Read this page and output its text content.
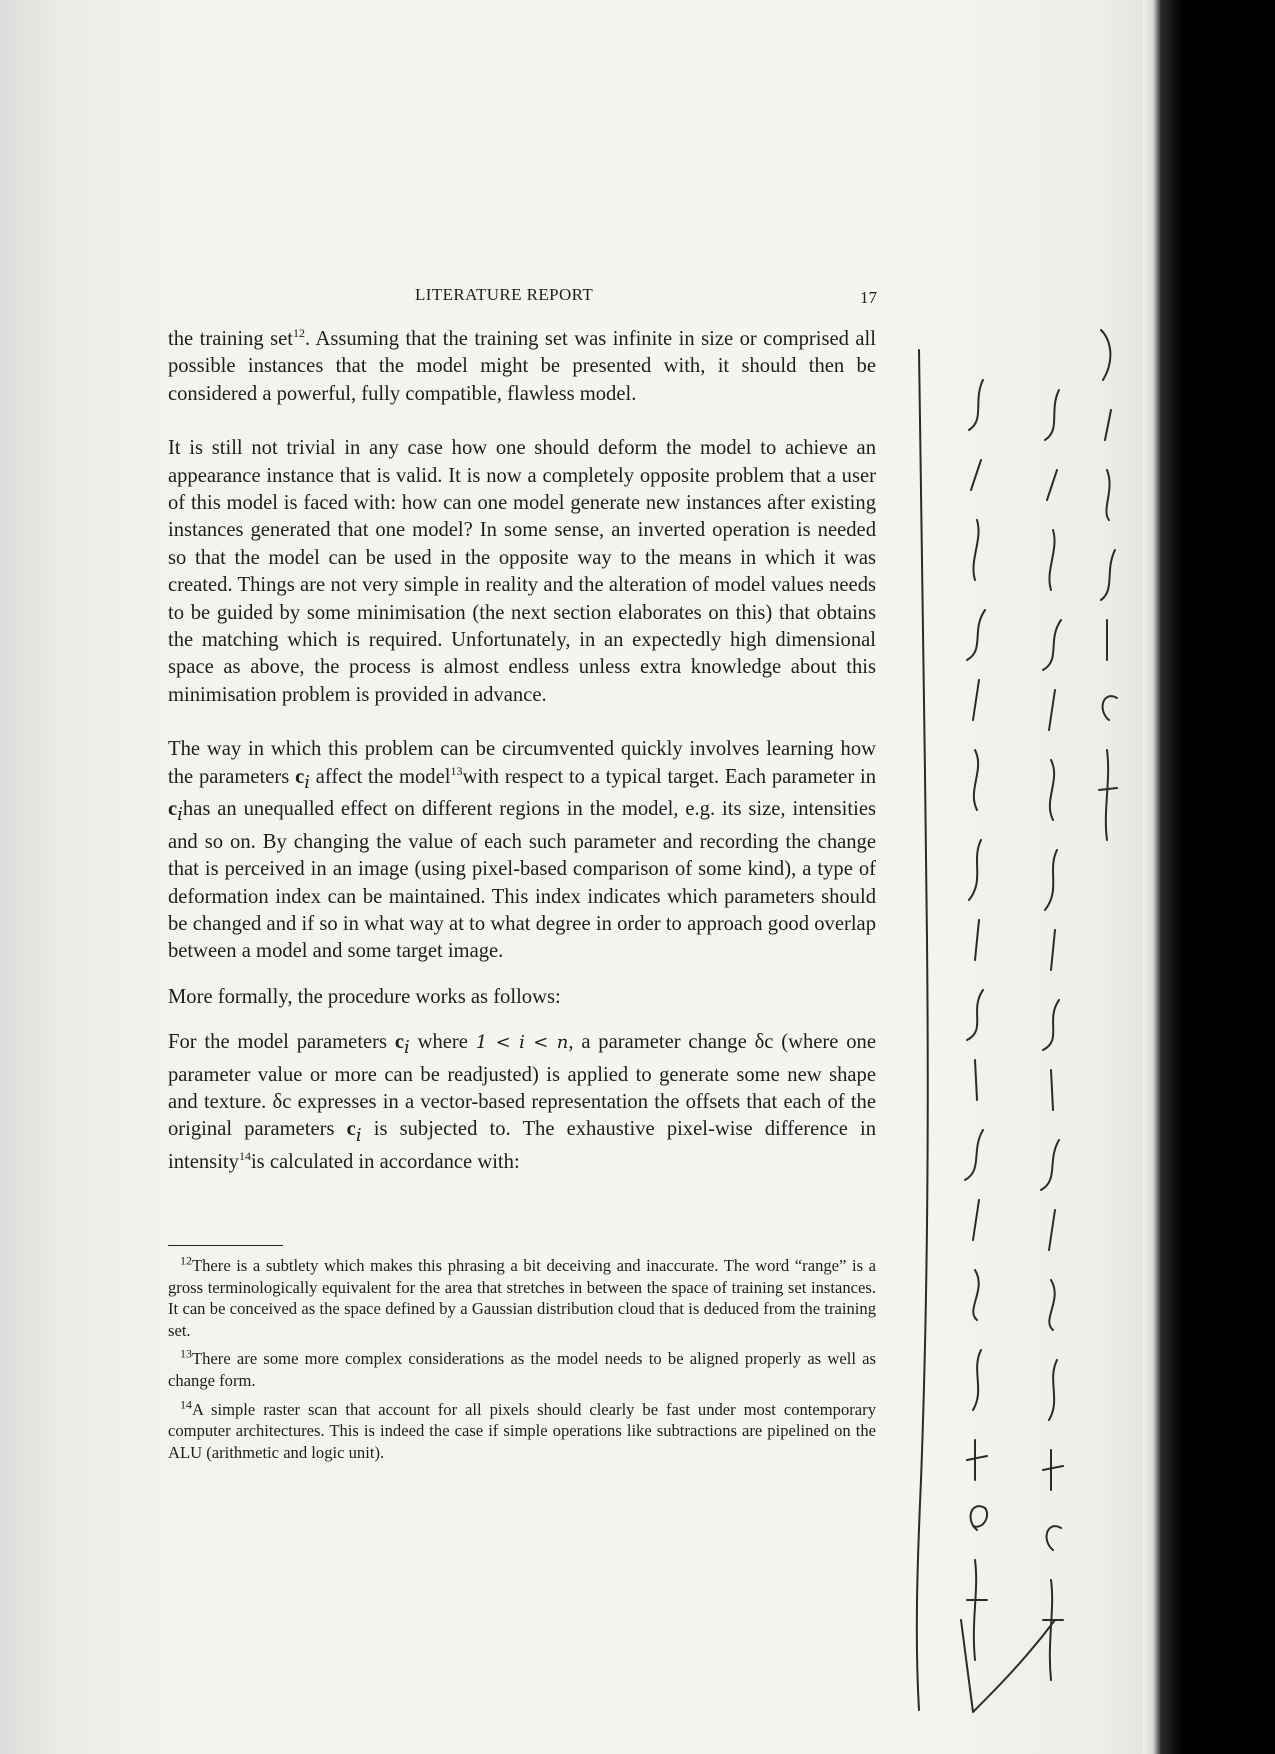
LITERATURE REPORT	17

the training set$^{12}$. Assuming that the training set was infinite in size or comprised all possible instances that the model might be presented with, it should then be considered a powerful, fully compatible, flawless model.

It is still not trivial in any case how one should deform the model to achieve an appearance instance that is valid. It is now a completely opposite problem that a user of this model is faced with: how can one model generate new instances after existing instances generated that one model? In some sense, an inverted operation is needed so that the model can be used in the opposite way to the means in which it was created. Things are not very simple in reality and the alteration of model values needs to be guided by some minimisation (the next section elaborates on this) that obtains the matching which is required. Unfortunately, in an expectedly high dimensional space as above, the process is almost endless unless extra knowledge about this minimisation problem is provided in advance.

The way in which this problem can be circumvented quickly involves learning how the parameters $c_i$ affect the model$^{13}$with respect to a typical target. Each parameter in $c_ihas$ an unequalled effect on different regions in the model, e.g. its size, intensities and so on. By changing the value of each such parameter and recording the change that is perceived in an image (using pixel-based comparison of some kind), a type of deformation index can be maintained. This index indicates which parameters should be changed and if so in what way at to what degree in order to approach good overlap between a model and some target image.

More formally, the procedure works as follows:

For the model parameters $c_i$ where 1 < i < n, a parameter change δc (where one parameter value or more can be readjusted) is applied to generate some new shape and texture. δc expresses in a vector-based representation the offsets that each of the original parameters $c_i$ is subjected to. The exhaustive pixel-wise difference in intensity$^{14}$is calculated in accordance with:

$^{12}$There is a subtlety which makes this phrasing a bit deceiving and inaccurate. The word “range” is a gross terminologically equivalent for the area that stretches in between the space of training set instances. It can be conceived as the space defined by a Gaussian distribution cloud that is deduced from the training set.

$^{13}$There are some more complex considerations as the model needs to be aligned properly as well as change form.

$^{14}$A simple raster scan that account for all pixels should clearly be fast under most contemporary computer architectures. This is indeed the case if simple operations like subtractions are pipelined on the ALU (arithmetic and logic unit).
